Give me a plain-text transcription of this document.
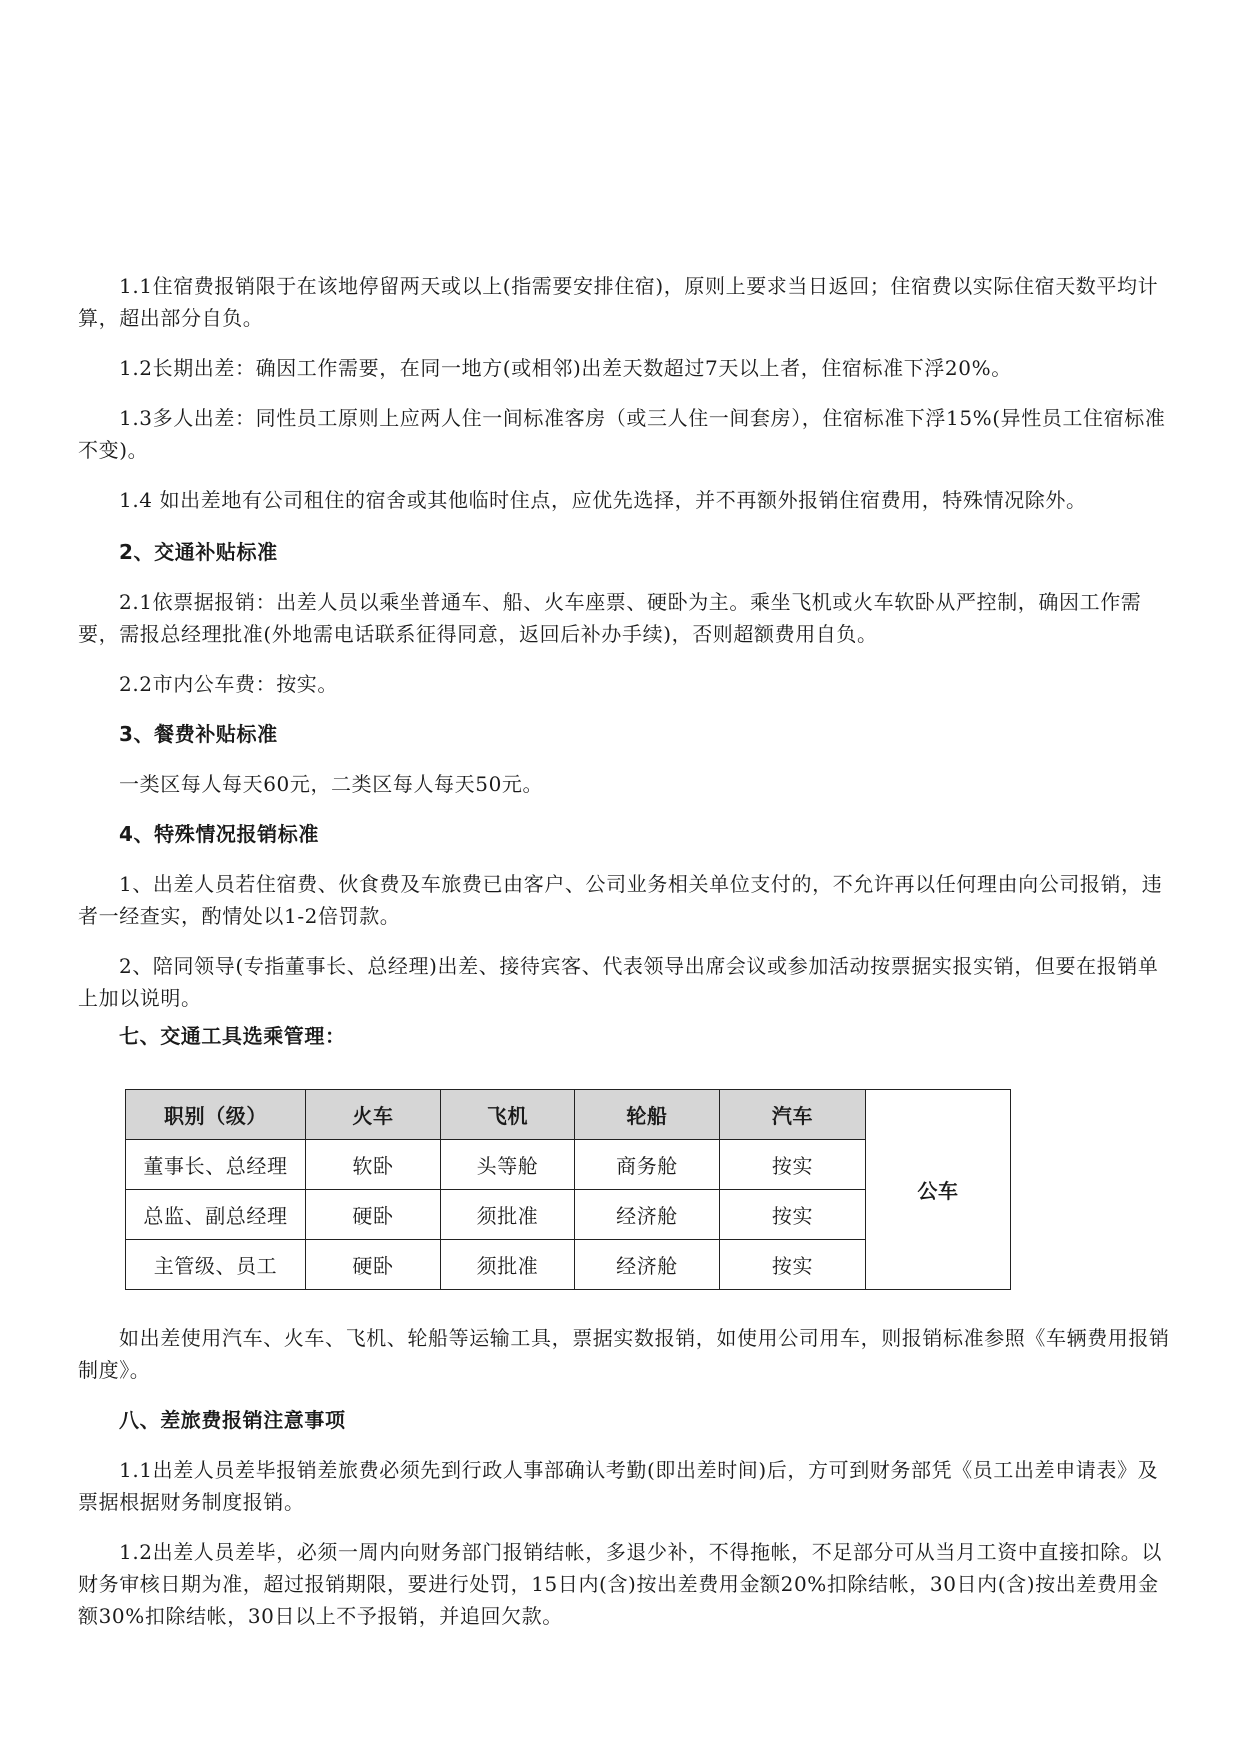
1.1住宿费报销限于在该地停留两天或以上(指需要安排住宿)，原则上要求当日返回；住宿费以实际住宿天数平均计算，超出部分自负。

1.2长期出差：确因工作需要，在同一地方(或相邻)出差天数超过7天以上者，住宿标准下浮20%。

1.3多人出差：同性员工原则上应两人住一间标准客房（或三人住一间套房），住宿标准下浮15%(异性员工住宿标准不变)。

1.4 如出差地有公司租住的宿舍或其他临时住点，应优先选择，并不再额外报销住宿费用，特殊情况除外。

2、交通补贴标准

2.1依票据报销：出差人员以乘坐普通车、船、火车座票、硬卧为主。乘坐飞机或火车软卧从严控制，确因工作需要，需报总经理批准(外地需电话联系征得同意，返回后补办手续)，否则超额费用自负。

2.2市内公车费：按实。

3、餐费补贴标准

一类区每人每天60元，二类区每人每天50元。

4、特殊情况报销标准

1、出差人员若住宿费、伙食费及车旅费已由客户、公司业务相关单位支付的，不允许再以任何理由向公司报销，违者一经查实，酌情处以1-2倍罚款。

2、陪同领导(专指董事长、总经理)出差、接待宾客、代表领导出席会议或参加活动按票据实报实销，但要在报销单上加以说明。

七、交通工具选乘管理：
职别（级）	火车	飞机	轮船	汽车	公车
董事长、总经理	软卧	头等舱	商务舱	按实	
总监、副总经理	硬卧	须批准	经济舱	按实	
主管级、员工	硬卧	须批准	经济舱	按实	

如出差使用汽车、火车、飞机、轮船等运输工具，票据实数报销，如使用公司用车，则报销标准参照《车辆费用报销制度》。

八、差旅费报销注意事项

1.1出差人员差毕报销差旅费必须先到行政人事部确认考勤(即出差时间)后，方可到财务部凭《员工出差申请表》及票据根据财务制度报销。

1.2出差人员差毕，必须一周内向财务部门报销结帐，多退少补，不得拖帐，不足部分可从当月工资中直接扣除。以财务审核日期为准，超过报销期限，要进行处罚，15日内(含)按出差费用金额20%扣除结帐，30日内(含)按出差费用金额30%扣除结帐，30日以上不予报销，并追回欠款。
